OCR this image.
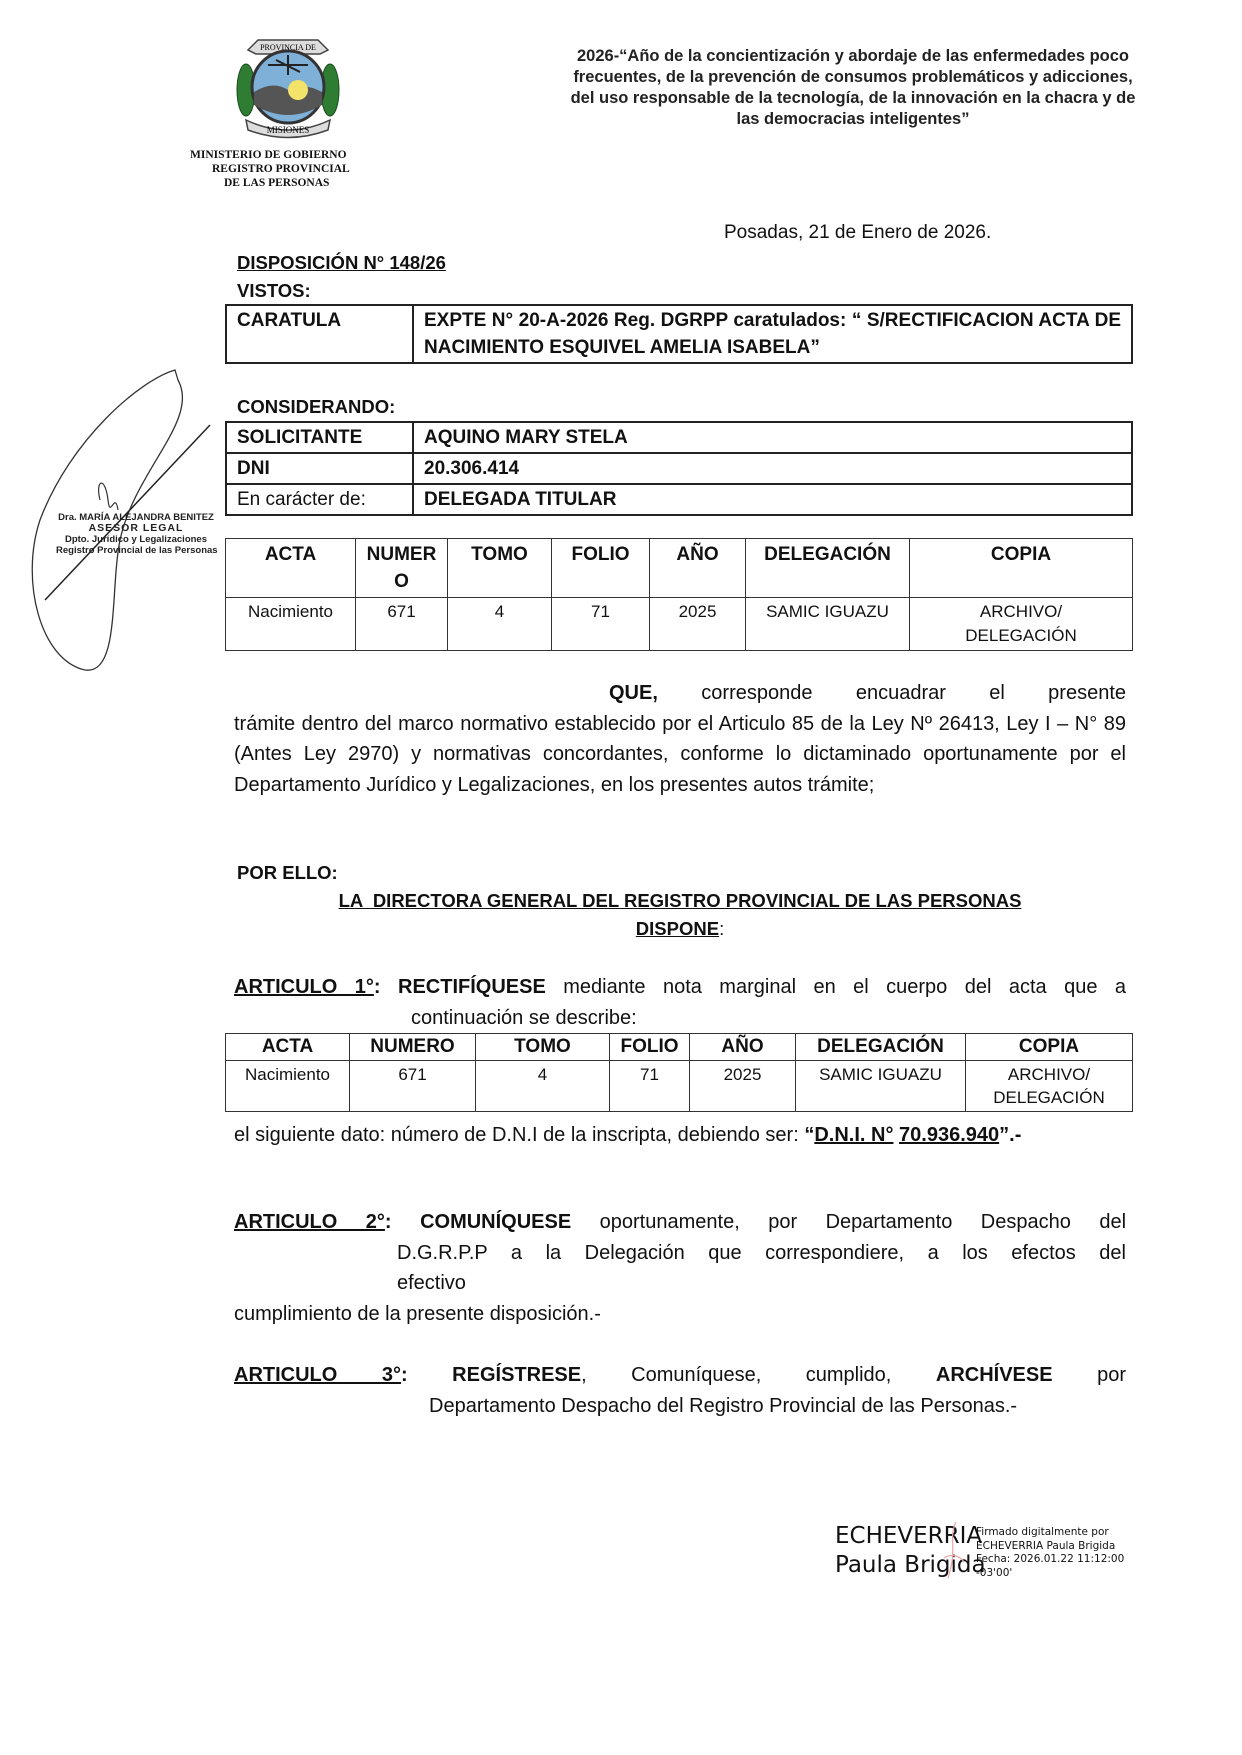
PROVINCIA DE
MISIONES
MINISTERIO DE GOBIERNO
REGISTRO PROVINCIAL
DE LAS PERSONAS
2026-“Año de la concientización y abordaje de las enfermedades poco
frecuentes, de la prevención de consumos problemáticos y adicciones,
del uso responsable de la tecnología, de la innovación en la chacra y de
las democracias inteligentes”
Posadas, 21 de Enero de 2026.
DISPOSICIÓN N° 148/26
VISTOS:
CARATULA	EXPTE N° 20-A-2026 Reg. DGRPP caratulados: “ S/RECTIFICACION ACTA DE NACIMIENTO ESQUIVEL AMELIA ISABELA”
CONSIDERANDO:
SOLICITANTE	AQUINO MARY STELA
DNI	20.306.414
En carácter de:	DELEGADA TITULAR
ACTA	NUMERO	TOMO	FOLIO	AÑO	DELEGACIÓN	COPIA
Nacimiento	671	4	71	2025	SAMIC IGUAZU	ARCHIVO/ DELEGACIÓN
QUE, corresponde encuadrar el presente
trámite dentro del marco normativo establecido por el Articulo 85 de la Ley Nº 26413, Ley I – N° 89 (Antes Ley 2970) y normativas concordantes, conforme lo dictaminado oportunamente por el Departamento Jurídico y Legalizaciones, en los presentes autos trámite;
POR ELLO:
LA  DIRECTORA GENERAL DEL REGISTRO PROVINCIAL DE LAS PERSONAS
DISPONE:
ARTICULO 1°: RECTIFÍQUESE mediante nota marginal en el cuerpo del acta que a
continuación se describe:
ACTA	NUMERO	TOMO	FOLIO	AÑO	DELEGACIÓN	COPIA
Nacimiento	671	4	71	2025	SAMIC IGUAZU	ARCHIVO/ DELEGACIÓN
el siguiente dato: número de D.N.I de la inscripta, debiendo ser: “D.N.I. N° 70.936.940”.-
ARTICULO 2°: COMUNÍQUESE oportunamente, por Departamento Despacho del
D.G.R.P.P a la Delegación que correspondiere, a los efectos del
efectivo
cumplimiento de la presente disposición.-
ARTICULO 3°: REGÍSTRESE, Comuníquese, cumplido, ARCHÍVESE por
Departamento Despacho del Registro Provincial de las Personas.-
Dra. MARÍA ALEJANDRA BENITEZ
ASESOR LEGAL
Dpto. Jurídico y Legalizaciones
Registro Provincial de las Personas
ECHEVERRIA
Paula Brigida
Firmado digitalmente por
ECHEVERRIA Paula Brigida
Fecha: 2026.01.22 11:12:00
-03'00'
